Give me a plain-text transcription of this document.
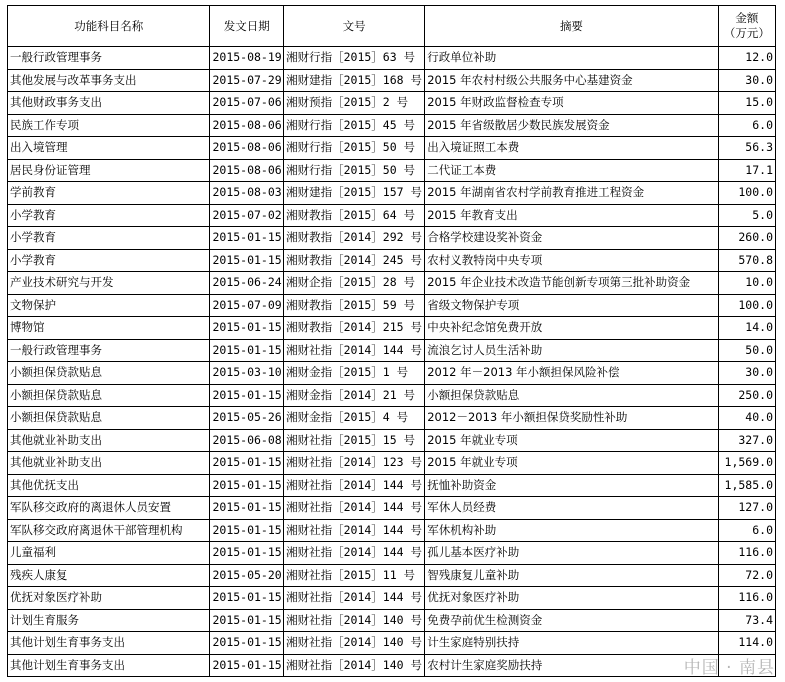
功能科目名称	发文日期	文号	摘要	金额
（万元）

一般行政管理事务	2015-08-19	湘财行指［2015］63 号	行政单位补助	12.0
其他发展与改革事务支出	2015-07-29	湘财建指［2015］168 号	2015 年农村村级公共服务中心基建资金	30.0
其他财政事务支出	2015-07-06	湘财预指［2015］2 号	2015 年财政监督检查专项	15.0
民族工作专项	2015-08-06	湘财行指［2015］45 号	2015 年省级散居少数民族发展资金	6.0
出入境管理	2015-08-06	湘财行指［2015］50 号	出入境证照工本费	56.3
居民身份证管理	2015-08-06	湘财行指［2015］50 号	二代证工本费	17.1
学前教育	2015-08-03	湘财建指［2015］157 号	2015 年湖南省农村学前教育推进工程资金	100.0
小学教育	2015-07-02	湘财教指［2015］64 号	2015 年教育支出	5.0
小学教育	2015-01-15	湘财教指［2014］292 号	合格学校建设奖补资金	260.0
小学教育	2015-01-15	湘财教指［2014］245 号	农村义教特岗中央专项	570.8
产业技术研究与开发	2015-06-24	湘财企指［2015］28 号	2015 年企业技术改造节能创新专项第三批补助资金	10.0
文物保护	2015-07-09	湘财教指［2015］59 号	省级文物保护专项	100.0
博物馆	2015-01-15	湘财教指［2014］215 号	中央补纪念馆免费开放	14.0
一般行政管理事务	2015-01-15	湘财社指［2014］144 号	流浪乞讨人员生活补助	50.0
小额担保贷款贴息	2015-03-10	湘财金指［2015］1 号	2012 年－2013 年小额担保风险补偿	30.0
小额担保贷款贴息	2015-01-15	湘财金指［2014］21 号	小额担保贷款贴息	250.0
小额担保贷款贴息	2015-05-26	湘财金指［2015］4 号	2012－2013 年小额担保贷奖励性补助	40.0
其他就业补助支出	2015-06-08	湘财社指［2015］15 号	2015 年就业专项	327.0
其他就业补助支出	2015-01-15	湘财社指［2014］123 号	2015 年就业专项	1,569.0
其他优抚支出	2015-01-15	湘财社指［2014］144 号	抚恤补助资金	1,585.0
军队移交政府的离退休人员安置	2015-01-15	湘财社指［2014］144 号	军休人员经费	127.0
军队移交政府离退休干部管理机构	2015-01-15	湘财社指［2014］144 号	军休机构补助	6.0
儿童福利	2015-01-15	湘财社指［2014］144 号	孤儿基本医疗补助	116.0
残疾人康复	2015-05-20	湘财社指［2015］11 号	智残康复儿童补助	72.0
优抚对象医疗补助	2015-01-15	湘财社指［2014］144 号	优抚对象医疗补助	116.0
计划生育服务	2015-01-15	湘财社指［2014］140 号	免费孕前优生检测资金	73.4
其他计划生育事务支出	2015-01-15	湘财社指［2014］140 号	计生家庭特别扶持	114.0
其他计划生育事务支出	2015-01-15	湘财社指［2014］140 号	农村计生家庭奖励扶持		中国 · 南县
